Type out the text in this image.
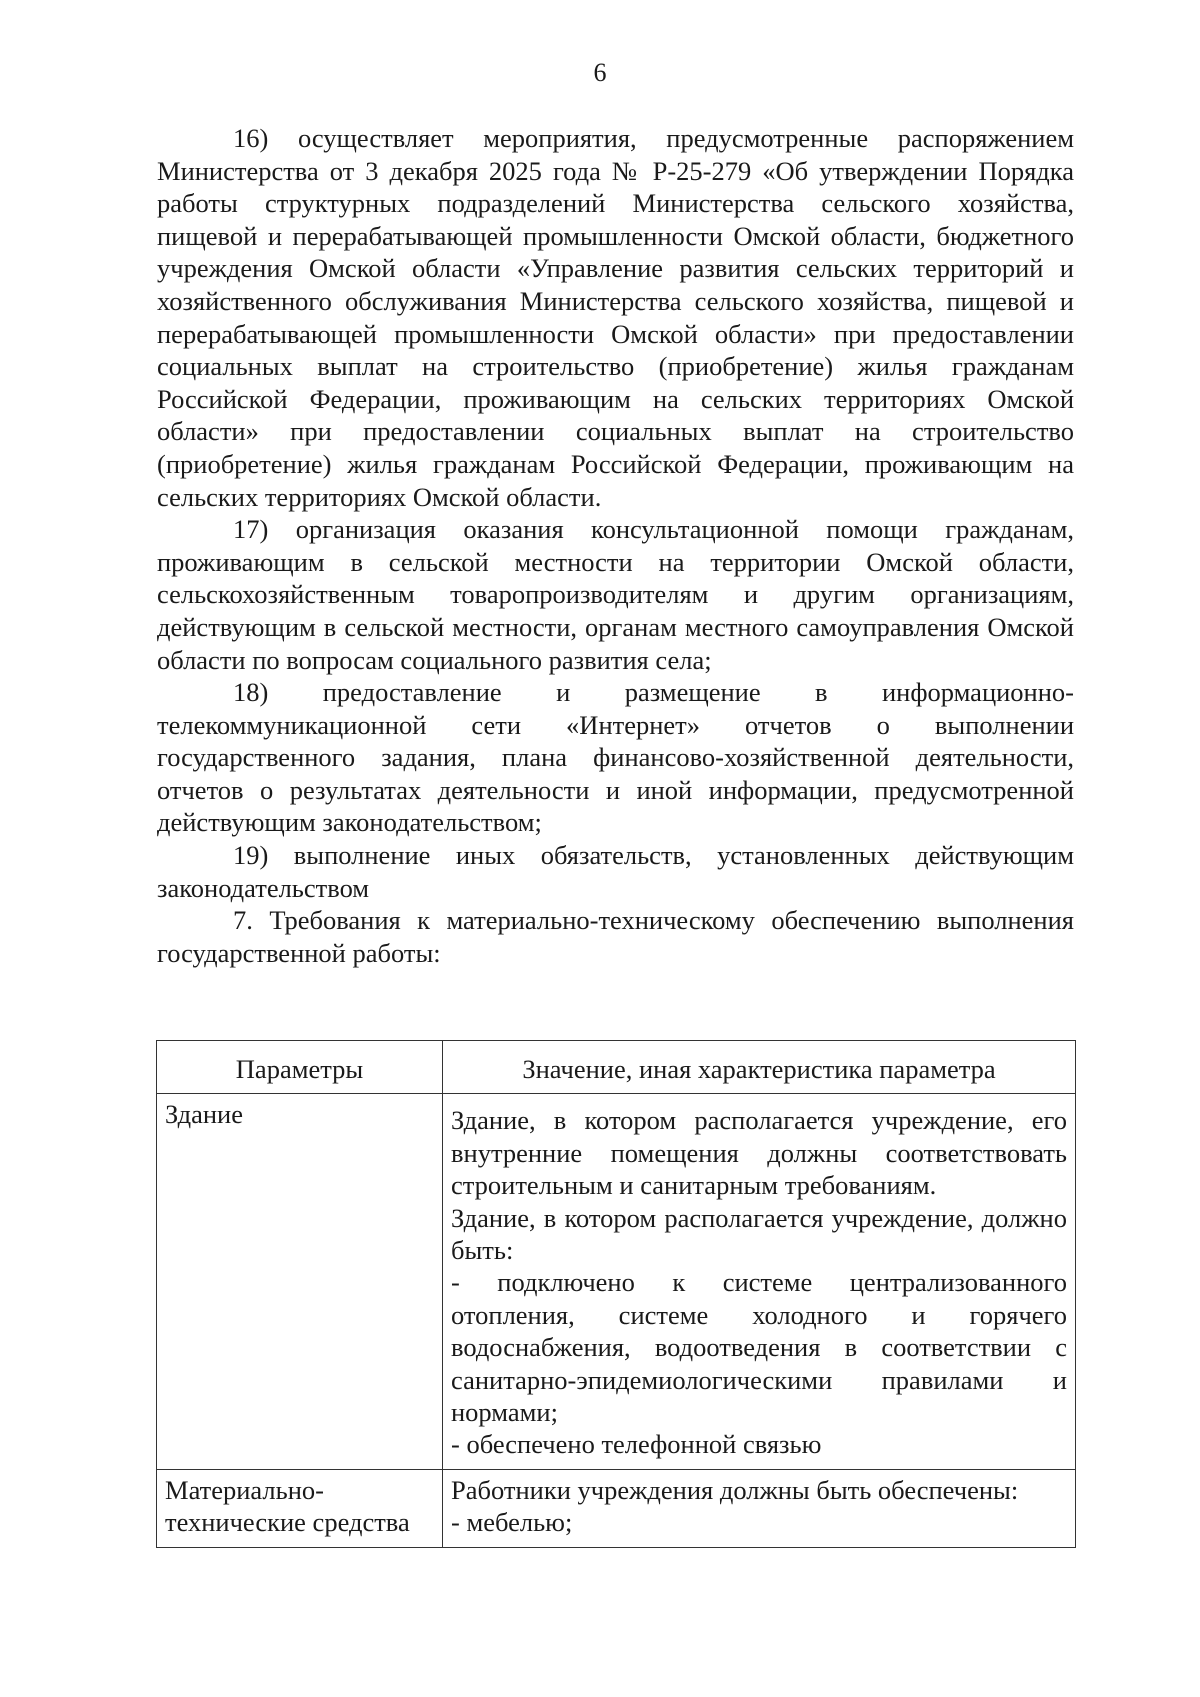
6

16) осуществляет мероприятия, предусмотренные распоряжением Министерства от 3 декабря 2025 года № Р-25-279 «Об утверждении Порядка работы структурных подразделений Министерства сельского хозяйства, пищевой и перерабатывающей промышленности Омской области, бюджетного учреждения Омской области «Управление развития сельских территорий и хозяйственного обслуживания Министерства сельского хозяйства, пищевой и перерабатывающей промышленности Омской области» при предоставлении социальных выплат на строительство (приобретение) жилья гражданам Российской Федерации, проживающим на сельских территориях Омской области» при предоставлении социальных выплат на строительство (приобретение) жилья гражданам Российской Федерации, проживающим на сельских территориях Омской области.

17) организация оказания консультационной помощи гражданам, проживающим в сельской местности на территории Омской области, сельскохозяйственным товаропроизводителям и другим организациям, действующим в сельской местности, органам местного самоуправления Омской области по вопросам социального развития села;

18) предоставление и размещение в информационно-телекоммуникационной сети «Интернет» отчетов о выполнении государственного задания, плана финансово-хозяйственной деятельности, отчетов о результатах деятельности и иной информации, предусмотренной действующим законодательством;

19) выполнение иных обязательств, установленных действующим законодательством

7. Требования к материально-техническому обеспечению выполнения государственной работы:

Параметры	Значение, иная характеристика параметра
Здание	Здание, в котором располагается учреждение, его внутренние помещения должны соответствовать строительным и санитарным требованиям.
Здание, в котором располагается учреждение, должно быть:
- подключено к системе централизованного отопления, системе холодного и горячего водоснабжения, водоотведения в соответствии с санитарно-эпидемиологическими правилами и нормами;
- обеспечено телефонной связью

Материально-технические средства	Работники учреждения должны быть обеспечены:
- мебелью;
